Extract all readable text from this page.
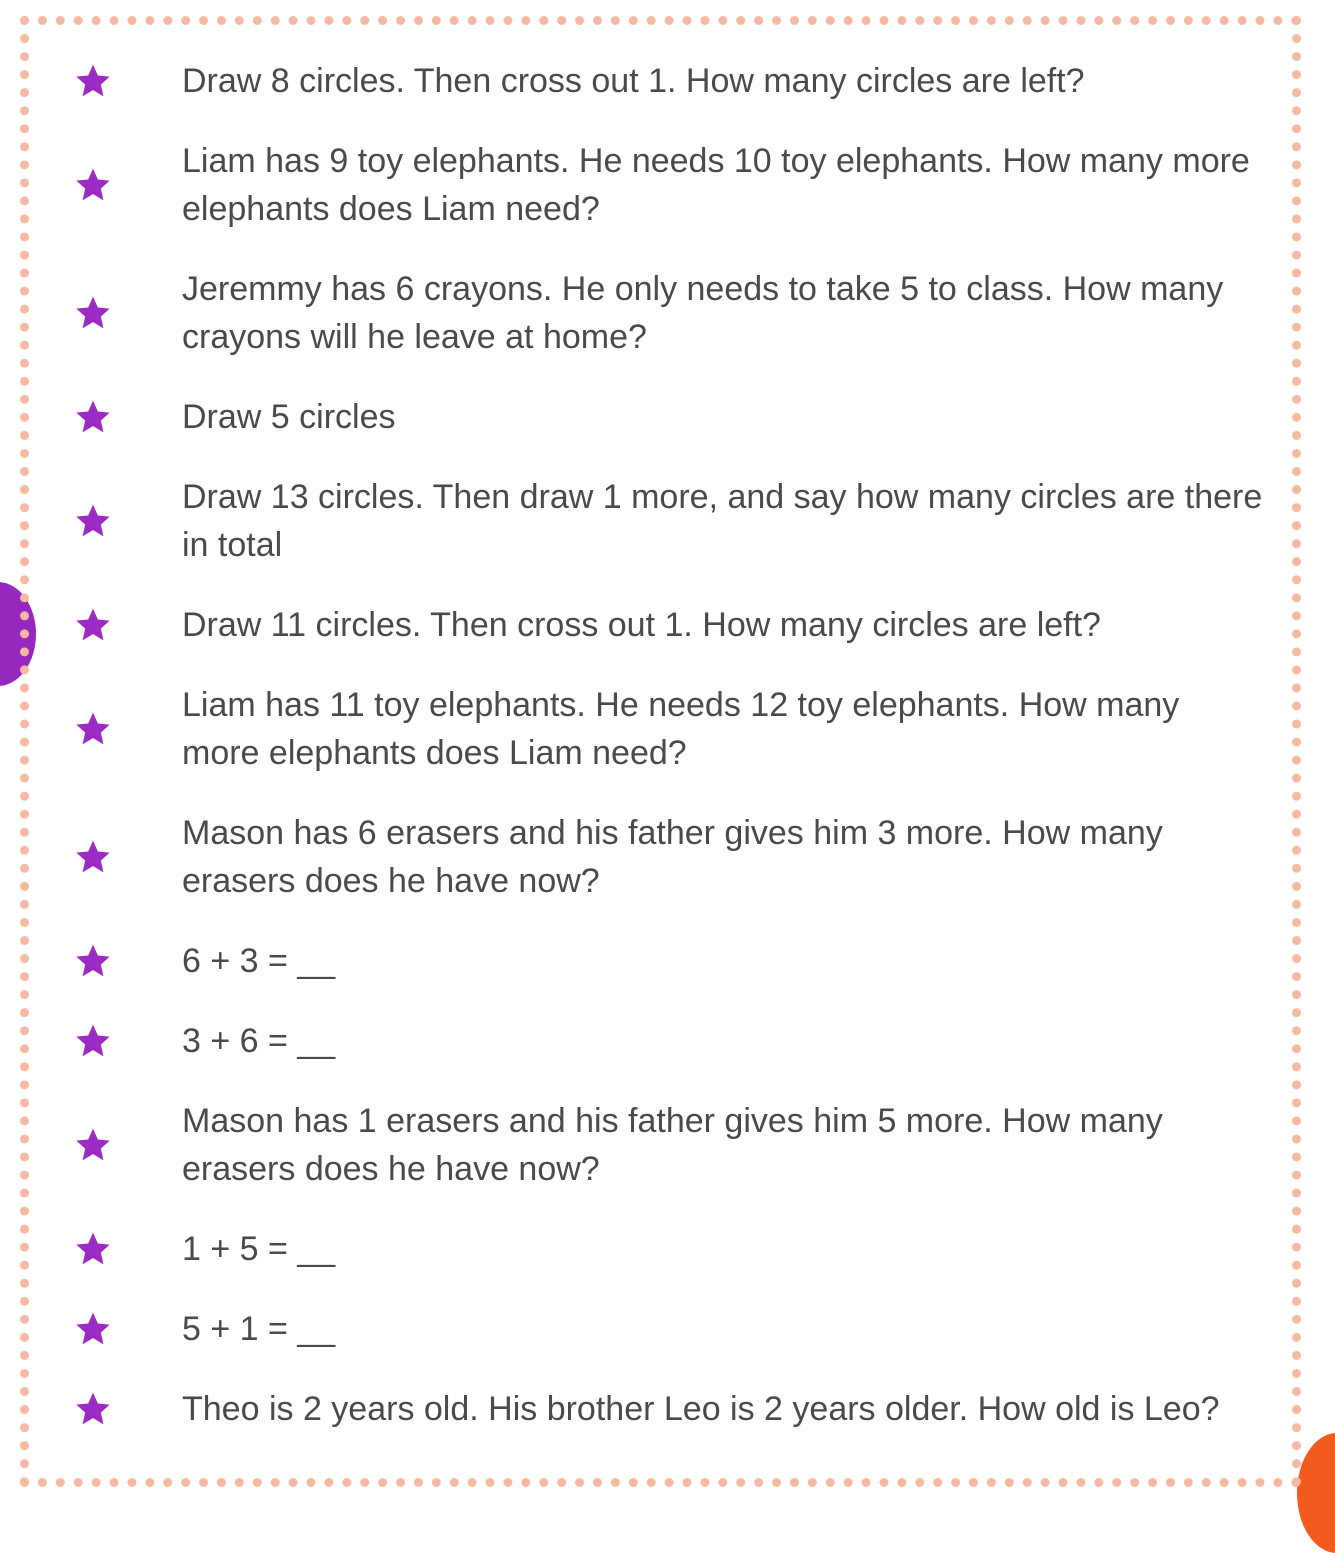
Draw 8 circles. Then cross out 1. How many circles are left?
Liam has 9 toy elephants. He needs 10 toy elephants. How many more elephants does Liam need?
Jeremmy has 6 crayons. He only needs to take 5 to class. How many crayons will he leave at home?
Draw 5 circles
Draw 13 circles. Then draw 1 more, and say how many circles are there in total
Draw 11 circles. Then cross out 1. How many circles are left?
Liam has 11 toy elephants. He needs 12 toy elephants. How many more elephants does Liam need?
Mason has 6 erasers and his father gives him 3 more. How many erasers does he have now?
6 + 3 = __
3 + 6 = __
Mason has 1 erasers and his father gives him 5 more. How many erasers does he have now?
1 + 5 = __
5 + 1 = __
Theo is 2 years old. His brother Leo is 2 years older. How old is Leo?
